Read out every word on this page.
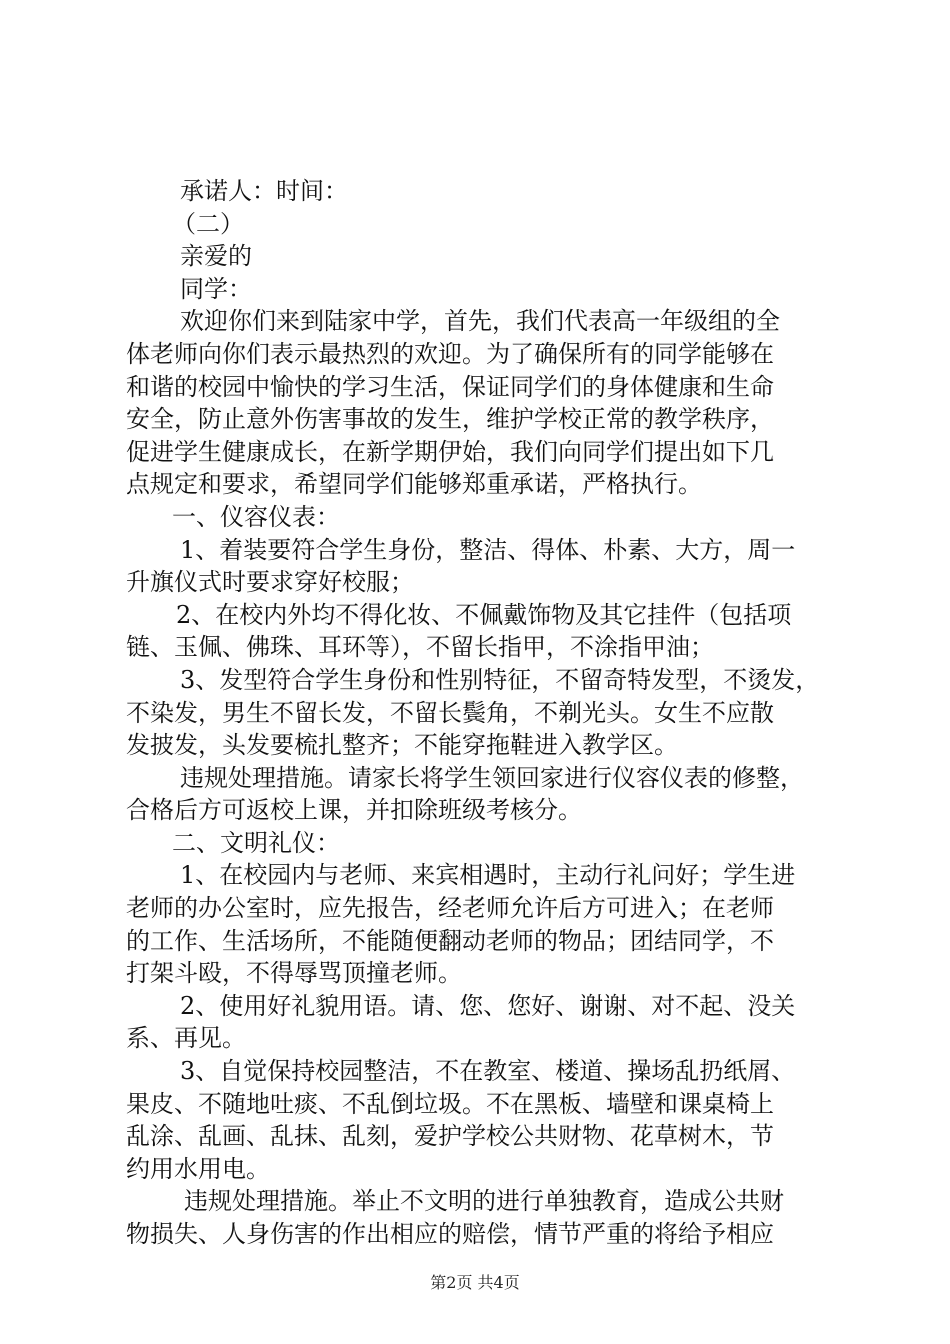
承诺人：时间：
（二）
亲爱的
同学：
欢迎你们来到陆家中学，首先，我们代表高一年级组的全
体老师向你们表示最热烈的欢迎。为了确保所有的同学能够在
和谐的校园中愉快的学习生活，保证同学们的身体健康和生命
安全，防止意外伤害事故的发生，维护学校正常的教学秩序，
促进学生健康成长，在新学期伊始，我们向同学们提出如下几
点规定和要求，希望同学们能够郑重承诺，严格执行。
一、仪容仪表：
1、着装要符合学生身份，整洁、得体、朴素、大方，周一
升旗仪式时要求穿好校服；
2、在校内外均不得化妆、不佩戴饰物及其它挂件（包括项
链、玉佩、佛珠、耳环等），不留长指甲，不涂指甲油；
3、发型符合学生身份和性别特征，不留奇特发型，不烫发，
不染发，男生不留长发，不留长鬓角，不剃光头。女生不应散
发披发，头发要梳扎整齐；不能穿拖鞋进入教学区。
违规处理措施。请家长将学生领回家进行仪容仪表的修整，
合格后方可返校上课，并扣除班级考核分。
二、文明礼仪：
1、在校园内与老师、来宾相遇时，主动行礼问好；学生进
老师的办公室时，应先报告，经老师允许后方可进入；在老师
的工作、生活场所，不能随便翻动老师的物品；团结同学，不
打架斗殴，不得辱骂顶撞老师。
2、使用好礼貌用语。请、您、您好、谢谢、对不起、没关
系、再见。
3、自觉保持校园整洁，不在教室、楼道、操场乱扔纸屑、
果皮、不随地吐痰、不乱倒垃圾。不在黑板、墙壁和课桌椅上
乱涂、乱画、乱抹、乱刻，爱护学校公共财物、花草树木，节
约用水用电。
违规处理措施。举止不文明的进行单独教育，造成公共财
物损失、人身伤害的作出相应的赔偿，情节严重的将给予相应
第2页 共4页
